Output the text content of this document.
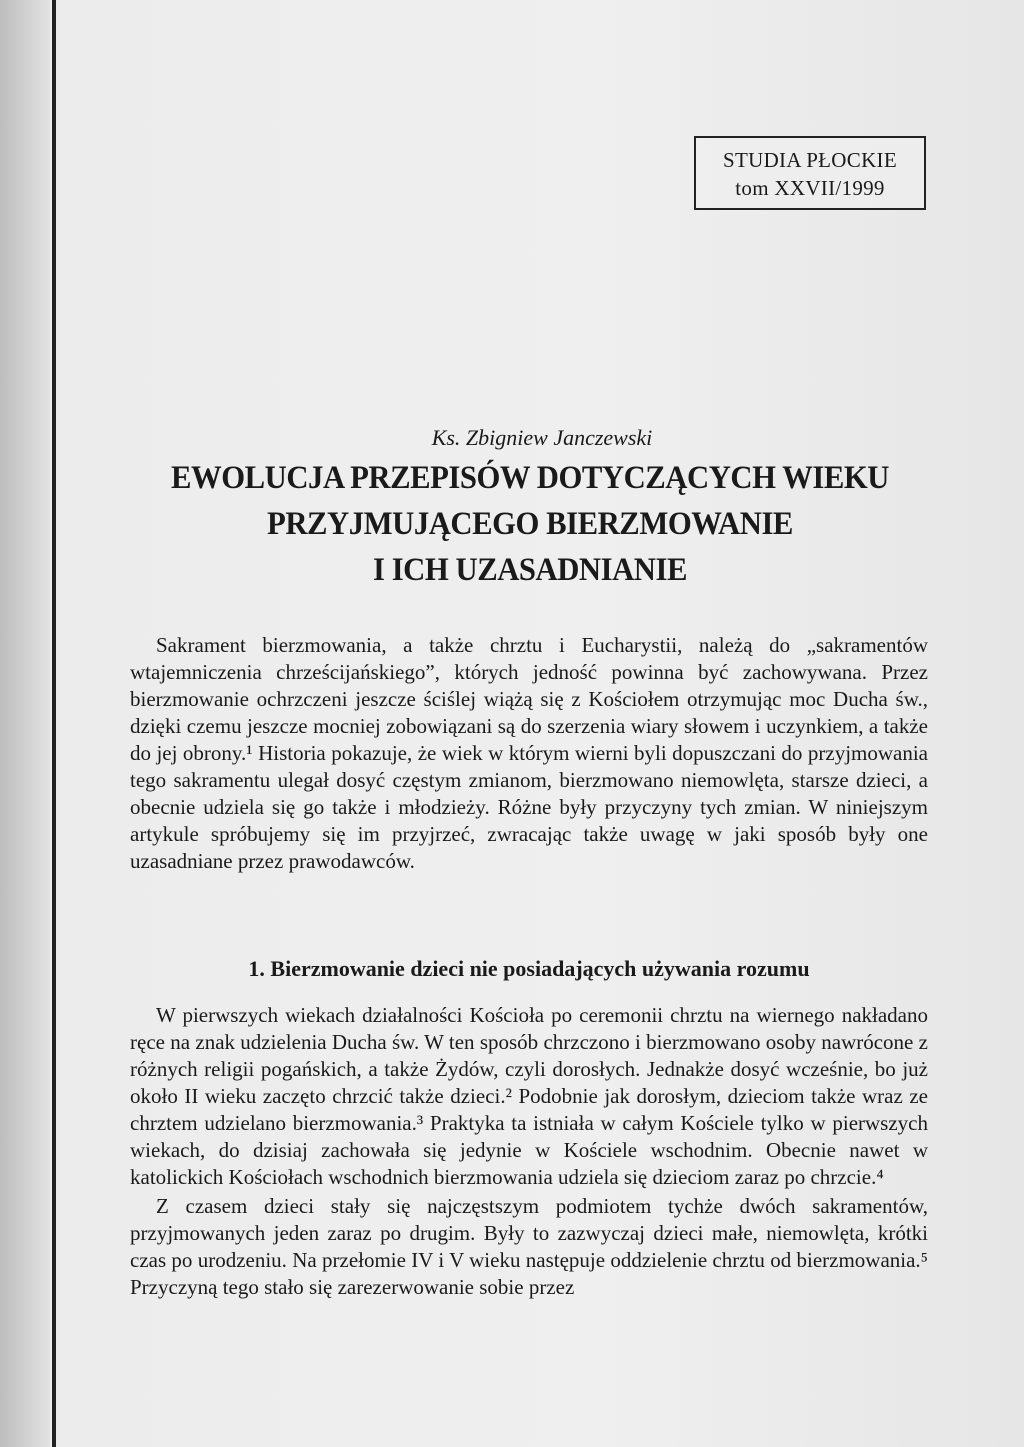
STUDIA PŁOCKIE
tom XXVII/1999
Ks. Zbigniew Janczewski
EWOLUCJA PRZEPISÓW DOTYCZĄCYCH WIEKU
PRZYJMUJĄCEGO BIERZMOWANIE
I ICH UZASADNIANIE

Sakrament bierzmowania, a także chrztu i Eucharystii, należą do „sakramentów wtajemniczenia chrześcijańskiego”, których jedność powinna być zachowywana. Przez bierzmowanie ochrzczeni jeszcze ściślej wiążą się z Kościołem otrzymując moc Ducha św., dzięki czemu jeszcze mocniej zobowiązani są do szerzenia wiary słowem i uczynkiem, a także do jej obrony.¹ Historia pokazuje, że wiek w którym wierni byli dopuszczani do przyjmowania tego sakramentu ulegał dosyć częstym zmianom, bierzmowano niemowlęta, starsze dzieci, a obecnie udziela się go także i młodzieży. Różne były przyczyny tych zmian. W niniejszym artykule spróbujemy się im przyjrzeć, zwracając także uwagę w jaki sposób były one uzasadniane przez prawodawców.

1. Bierzmowanie dzieci nie posiadających używania rozumu

W pierwszych wiekach działalności Kościoła po ceremonii chrztu na wiernego nakładano ręce na znak udzielenia Ducha św. W ten sposób chrzczono i bierzmowano osoby nawrócone z różnych religii pogańskich, a także Żydów, czyli dorosłych. Jednakże dosyć wcześnie, bo już około II wieku zaczęto chrzcić także dzieci.² Podobnie jak dorosłym, dzieciom także wraz ze chrztem udzielano bierzmowania.³ Praktyka ta istniała w całym Kościele tylko w pierwszych wiekach, do dzisiaj zachowała się jedynie w Kościele wschodnim. Obecnie nawet w katolickich Kościołach wschodnich bierzmowania udziela się dzieciom zaraz po chrzcie.⁴

Z czasem dzieci stały się najczęstszym podmiotem tychże dwóch sakramentów, przyjmowanych jeden zaraz po drugim. Były to zazwyczaj dzieci małe, niemowlęta, krótki czas po urodzeniu. Na przełomie IV i V wieku następuje oddzielenie chrztu od bierzmowania.⁵ Przyczyną tego stało się zarezerwowanie sobie przez
